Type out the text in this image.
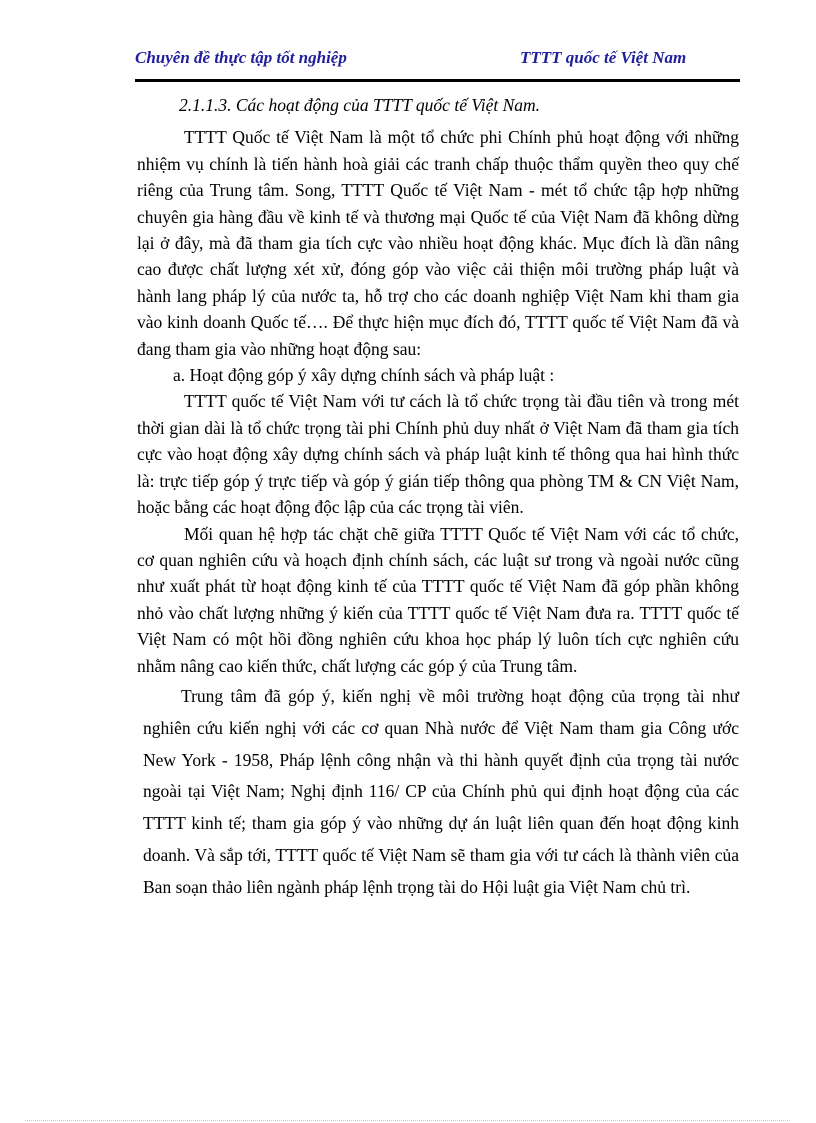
Chuyên đề thực tập tốt nghiệp	TTTT quốc tế Việt Nam

2.1.1.3. Các hoạt động của TTTT quốc tế Việt Nam.

TTTT Quốc tế Việt Nam là một tổ chức phi Chính phủ hoạt động với những nhiệm vụ chính là tiến hành hoà giải các tranh chấp thuộc thẩm quyền theo quy chế riêng của Trung tâm. Song, TTTT Quốc tế Việt Nam - mét tổ chức tập hợp những chuyên gia hàng đầu về kinh tế và thương mại Quốc tế của Việt Nam đã không dừng lại ở đây, mà đã tham gia tích cực vào nhiều hoạt động khác. Mục đích là dần nâng cao được chất lượng xét xử, đóng góp vào việc cải thiện môi trường pháp luật và hành lang pháp lý của nước ta, hỗ trợ cho các doanh nghiệp Việt Nam khi tham gia vào kinh doanh Quốc tế…. Để thực hiện mục đích đó, TTTT quốc tế Việt Nam đã và đang tham gia vào những hoạt động sau:

a. Hoạt động góp ý xây dựng chính sách và pháp luật :

TTTT quốc tế Việt Nam với tư cách là tổ chức trọng tài đầu tiên và trong mét thời gian dài là tổ chức trọng tài phi Chính phủ duy nhất ở Việt Nam đã tham gia tích cực vào hoạt động xây dựng chính sách và pháp luật kinh tế thông qua hai hình thức là: trực tiếp góp ý trực tiếp và góp ý gián tiếp thông qua phòng TM & CN Việt Nam, hoặc bằng các hoạt động độc lập của các trọng tài viên.

Mối quan hệ hợp tác chặt chẽ giữa TTTT Quốc tế Việt Nam với các tổ chức, cơ quan nghiên cứu và hoạch định chính sách, các luật sư trong và ngoài nước cũng như xuất phát từ hoạt động kinh tế của TTTT quốc tế Việt Nam đã góp phần không nhỏ vào chất lượng những ý kiến của TTTT quốc tế Việt Nam đưa ra. TTTT quốc tế Việt Nam có một hồi đồng nghiên cứu khoa học pháp lý luôn tích cực nghiên cứu nhằm nâng cao kiến thức, chất lượng các góp ý của Trung tâm.

Trung tâm đã góp ý, kiến nghị về môi trường hoạt động của trọng tài như nghiên cứu kiến nghị với các cơ quan Nhà nước để Việt Nam tham gia Công ước New York - 1958, Pháp lệnh công nhận và thi hành quyết định của trọng tài nước ngoài tại Việt Nam; Nghị định 116/ CP của Chính phủ qui định hoạt động của các TTTT kinh tế; tham gia góp ý vào những dự án luật liên quan đến hoạt động kinh doanh. Và sắp tới, TTTT quốc tế Việt Nam sẽ tham gia với tư cách là thành viên của Ban soạn thảo liên ngành pháp lệnh trọng tài do Hội luật gia Việt Nam chủ trì.
